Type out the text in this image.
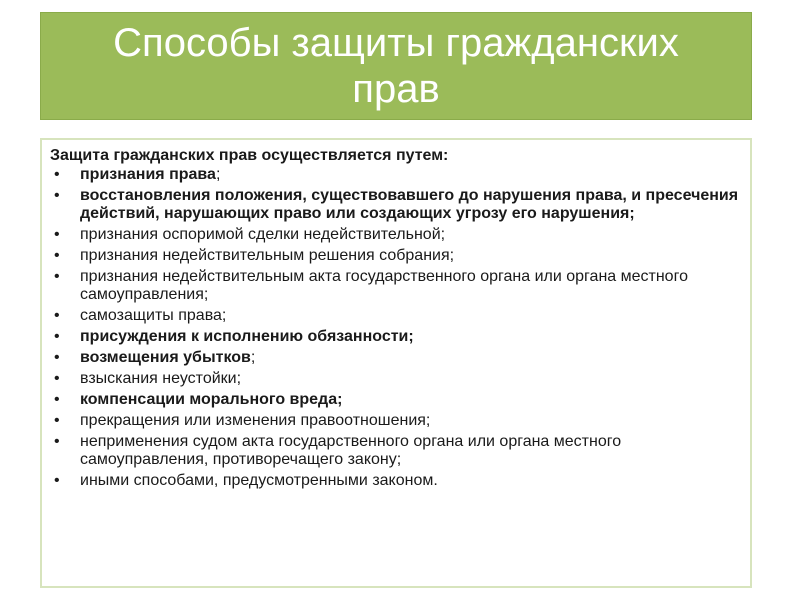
Способы защиты гражданских прав
Защита гражданских прав осуществляется путем:
•	признания права;
•	восстановления положения, существовавшего до нарушения права, и пресечения действий, нарушающих право или создающих угрозу его нарушения;
•	признания оспоримой сделки недействительной;
•	признания недействительным решения собрания;
•	признания недействительным акта государственного органа или органа местного самоуправления;
•	самозащиты права;
•	присуждения к исполнению обязанности;
•	возмещения убытков;
•	взыскания неустойки;
•	компенсации морального вреда;
•	прекращения или изменения правоотношения;
•	неприменения судом акта государственного органа или органа местного самоуправления, противоречащего закону;
•	иными способами, предусмотренными законом.
